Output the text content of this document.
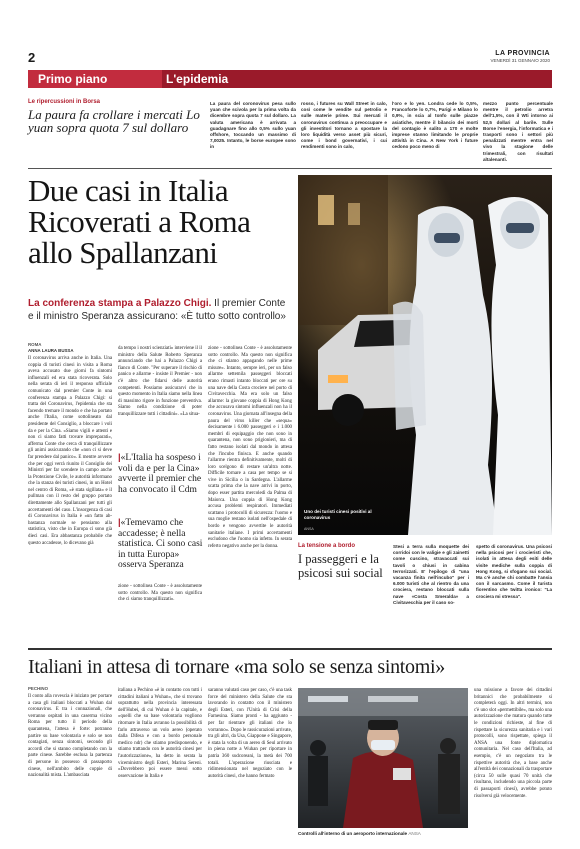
2	LA PROVINCIA
VENERDÌ 31 GENNAIO 2020
Primo piano	L'epidemia
Le ripercussioni in Borsa
La paura fa crollare i mercati Lo yuan sopra quota 7 sul dollaro
La paura del coronovirus pesa sullo yuan che scivola per la prima volta da dicembre sopra quota 7 sul dollaro. La valuta americana è arrivata a guadagnare fino allo 0,5% sullo yuan offshore, toccando un massimo di 7,0025. Intanto, le borse europee sono in
rosso, i futures su Wall Street in calo, così come le vendite sul petrolio e sulle materie prime. Sui mercati il coronavirus continua a preoccupare e gli investitori tornano a spostare la loro liquidità verso asset più sicuri, come i bond governativi, i cui rendimenti sono in calo,
l'oro e lo yen. Londra cede lo 0,5%, Francoforte lo 0,7%, Parigi e Milano lo 0,9%, in scia al tonfo sulle piazze asiatiche, mentre il bilancio dei morti del contagio è salito a 170 e molte imprese stanno limitando le proprie attività in Cina. A New York i future cedono poco meno di
mezzo punto percentuale mentre il petrolio arretra dell'1,5%, con il Wti intorno ai 52,5 dollari al barile. Sulle Borse l'energia, l'informatica e i trasporti sono i settori più penalizzati mentre entra nel vivo la stagione delle trimestrali, con risultati altalenanti.
Due casi in Italia Ricoverati a Roma allo Spallanzani
La conferenza stampa a Palazzo Chigi. Il premier Conte e il ministro Speranza assicurano: «È tutto sotto controllo»
ROMA
ANNA LAURA BUSSA
Il coronavirus arriva anche in Italia. Una coppia di turisti cinesi in visita a Roma aveva accusato due giorni fa sintomi influenzali ed era stata ricoverata. Solo nella serata di ieri il responso ufficiale comunicato dal premier Conte in una conferenza stampa a Palazzo Chigi: si tratta del Coronavirus, l'epidemia che sta facendo tremare il mondo e che ha portato anche l'Italia, come sottolineato dal presidente del Consiglio, a bloccare i voli da e per la Cina. «Siamo vigili e attenti e non ci siamo fatti trovare impreparati», afferma Conte che cerca di tranquillizzare gli animi assicurando che «non ci si deve far prendere dal panico». E mentre avverte che per oggi verrà riunito il Consiglio dei Ministri per far scendere in campo anche la Protezione Civile, le autorità informano che la stanza dei turisti cinesi, in un Hotel nel centro di Roma, «è stata sigillata» e il pullman con il resto del gruppo portato direttamente allo Spallanzani per tutti gli accertamenti del caso. L'insorgenza di casi di Coronavirus in Italia è «un fatto abbastanza normale se pensiamo alla statistica, visto che in Europa ci sono già dieci casi. Era abbastanza probabile che questo accadesse, lo dicevano già
da tempo i nostri scienziati» interviene il il ministro della Salute Roberto Speranza annunciando che hai a Palazzo Chigi a fianco di Conte. "Per superare il rischio di panico e allarme - insiste il Premier - non c'è altro che fidarsi delle autorità competenti. Possiamo assicurarvi che in questo momento in Italia siamo nella linea di massimo rigore in funzione preventiva. Siamo nella condizione di poter tranquillizzare tutti i cittadini». «La situa-
|«L'Italia ha sospeso i voli da e per la Cina» avverte il premier che ha convocato il Cdm
|«Temevamo che accadesse; è nella statistica. Ci sono casi in tutta Europa» osserva Speranza
zione - sottolinea Conte - è assolutamente sotto controllo. Ma questo non significa che ci siamo tranquillizzati».
zione - sottolinea Conte - è assolutamente sotto controllo. Ma questo non significa che ci stiamo appagando nelle prime misure». Intanto, sempre ieri, per un falso allarme settemila passeggeri bloccati erano rimasti intanto bloccati per ore su una nave della Costa crociere nel porto di Civitavecchia. Ma era solo un falso allarme: la giovane coppia di Hong Kong che accusava sintomi influenzali non ha il coronavirus. Una giornata all'insegna della paura del virus killer che «sequa» decisamente i 6.000 passeggeri e i 1.000 membri di equipaggio che non sono in quarantena, non sono prigionieri, ma di fatto restano isolati dal mondo in attesa che l'incubo finisca. E anche quando l'allarme rientra definitivamente, molti di loro scelgono di restare un'altra notte. Difficile tornare a casa per tempo se si vive in Sicilia o in Sardegna. L'allarme scatta prima che la nave arrivi in porto, dopo esser partita mercoledì da Palma di Maiorca. Una coppia di Hong Kong accusa problemi respiratori. Immediati scattano i protocolli di sicurezza: l'uomo e sua moglie restano isolati nell'ospedale di bordo e vengono avvertite le autorità sanitarie italiane. I primi accertamenti escludono che l'uomo sia infetto. In serata referto negativo anche per la donna.
Uno dei turisti cinesi positivi al coronavirus
ANSA
La tensione a bordo
I passeggeri e la psicosi sui social
Stesi a terra sulla moquette dei corridoi con le valigie e gli zainetti come cuscino, stravaccati sui tavoli o chiusi in cabina terrorizzati. E' l'epilogo di "una vacanza finita nell'incubo" per i 6.000 turisti che al rientro da una crociera, restano bloccati sulla nave «Costa Smeralda» a Civitavecchia per il caso so-
spetto di coronavirus. Una psicosi nella psicosi per i crocieristi che, isolati in attesa degli esiti delle visite mediche sulla coppia di Hong Kong, si sfogano sui social. Ma c'è anche chi combatte l'ansia con il sarcasmo. Come il turista fiorentino che twitta ironico: "La crociera mi stressa".
Italiani in attesa di tornare «ma solo se senza sintomi»
PECHINO
Il conto alla rovescia è iniziato per portare a casa gli italiani bloccati a Wuhan dal coronavirus. E tra i connazionali, che verranno ospitati in una caserma vicino Roma per tutto il periodo della quarantena, l'attesa è forte: potranno partire su base volontaria e solo se non contagiati, senza sintomi, secondo gli accordi che si stanno completando con la parte cinese. Sarebbe esclusa la partenza di persone in possesso di passaporto cinese, nell'ambito delle coppie di nazionalità mista. L'ambasciata
italiana a Pechino «è in contatto con tutti i cittadini italiani a Wuhan», che si trovano soprattutto nella provincia interessata dell'Hubei, di cui Wuhan è la capitale, e «quelli che su base volontaria vogliono ritornare in Italia avranno la possibilità di farlo attraverso un volo aereo (operato dalla Difesa e con a bordo personale medico ndr) che stiamo predisponendo, e stiamo trattando con le autorità cinesi per l'autorizzazione», ha detto in serata la viceministro degli Esteri, Marina Sereni. «Dovrebbero poi essere messi sotto osservazione in Italia e
saranno valutati caso per caso, c'è una task force del ministero della Salute che sta lavorando in contatto con il ministero degli Esteri, con l'Unità di Crisi della Farnesina. Siamo pronti - ha aggiunto - per far rientrare gli italiani che lo vorranno». Dopo le rassicurazioni arrivate, tra gli altri, da Usa, Giappone e Singapore, è stata la volta di un aereo di Seul arrivato in piena notte a Wuhan per riportare in patria 360 sudcoreani, la metà dei 700 totali. L'operazione riusciata e ridimensionata nel negoziato con le autorità cinesi, che hanno fermato
Controlli all'interno di un aeroporto internazionale ANSA
una missione a favore dei cittadini britannici che probabilmente si completerà oggi. In altri termini, non c'è uno slot «permettibile», ma solo una autorizzazione che matura quando tutte le condizioni richieste, al fine di rispettare la sicurezza sanitaria e i vari protocolli, sono rispettate, spiega il ANSA una fonte diplomatica comunitaria. Nel caso dell'Italia, ad esempio, c'è un negoziato tra le rispettive autorità che, a base anche all'entità dei connazionali da trasportare (circa 50 sulle quasi 70 unità che risultano, includendo una piccola parte di passaporti cinesi), avrebbe potuto risolversi già velocemente.
